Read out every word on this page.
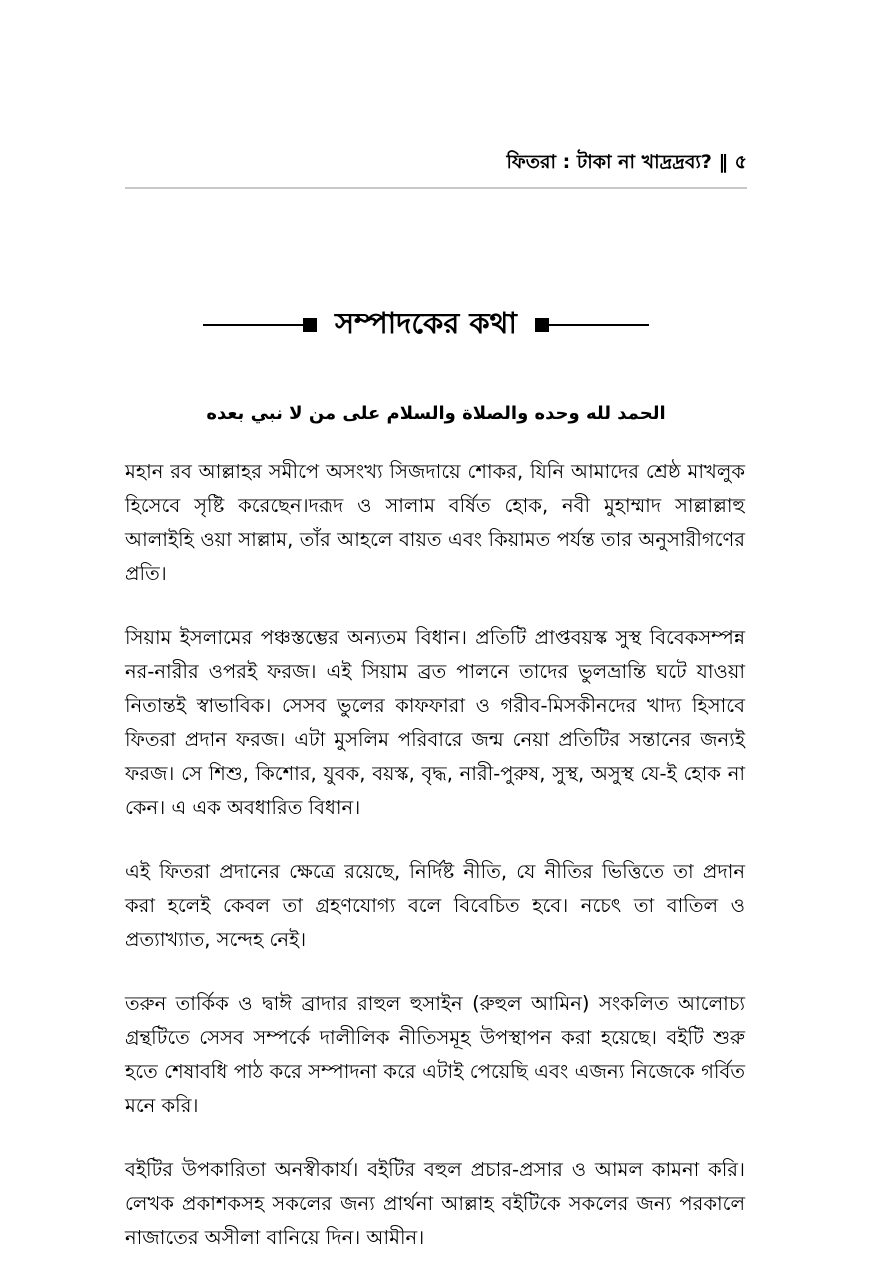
ফিতরা : টাকা না খাদ্রদ্রব্য? ‖ ৫
সম্পাদকের কথা
الحمد لله وحده والصلاة والسلام على من لا نبي بعده

মহান রব আল্লাহর সমীপে অসংখ্য সিজদায়ে শোকর, যিনি আমাদের শ্রেষ্ঠ মাখলুক হিসেবে সৃষ্টি করেছেন।দরূদ ও সালাম বর্ষিত হোক, নবী মুহাম্মাদ সাল্লাল্লাহু আলাইহি ওয়া সাল্লাম, তাঁর আহলে বায়ত এবং কিয়ামত পর্যন্ত তার অনুসারীগণের প্রতি।

সিয়াম ইসলামের পঞ্চস্তম্ভের অন্যতম বিধান। প্রতিটি প্রাপ্তবয়স্ক সুস্থ বিবেকসম্পন্ন নর-নারীর ওপরই ফরজ। এই সিয়াম ব্রত পালনে তাদের ভুলভ্রান্তি ঘটে যাওয়া নিতান্তই স্বাভাবিক। সেসব ভুলের কাফফারা ও গরীব-মিসকীনদের খাদ্য হিসাবে ফিতরা প্রদান ফরজ। এটা মুসলিম পরিবারে জন্ম নেয়া প্রতিটির সন্তানের জন্যই ফরজ। সে শিশু, কিশোর, যুবক, বয়স্ক, বৃদ্ধ, নারী-পুরুষ, সুস্থ, অসুস্থ যে-ই হোক না কেন। এ এক অবধারিত বিধান।

এই ফিতরা প্রদানের ক্ষেত্রে রয়েছে, নির্দিষ্ট নীতি, যে নীতির ভিত্তিতে তা প্রদান করা হলেই কেবল তা গ্রহণযোগ্য বলে বিবেচিত হবে। নচেৎ তা বাতিল ও প্রত্যাখ্যাত, সন্দেহ নেই।

তরুন তার্কিক ও দ্বাঈ ব্রাদার রাহুল হুসাইন (রুহুল আমিন) সংকলিত আলোচ্য গ্রন্থটিতে সেসব সম্পর্কে দালীলিক নীতিসমূহ উপস্থাপন করা হয়েছে। বইটি শুরু হতে শেষাবধি পাঠ করে সম্পাদনা করে এটাই পেয়েছি এবং এজন্য নিজেকে গর্বিত মনে করি।

বইটির উপকারিতা অনস্বীকার্য। বইটির বহুল প্রচার-প্রসার ও আমল কামনা করি। লেখক প্রকাশকসহ সকলের জন্য প্রার্থনা আল্লাহ বইটিকে সকলের জন্য পরকালে নাজাতের অসীলা বানিয়ে দিন। আমীন।
